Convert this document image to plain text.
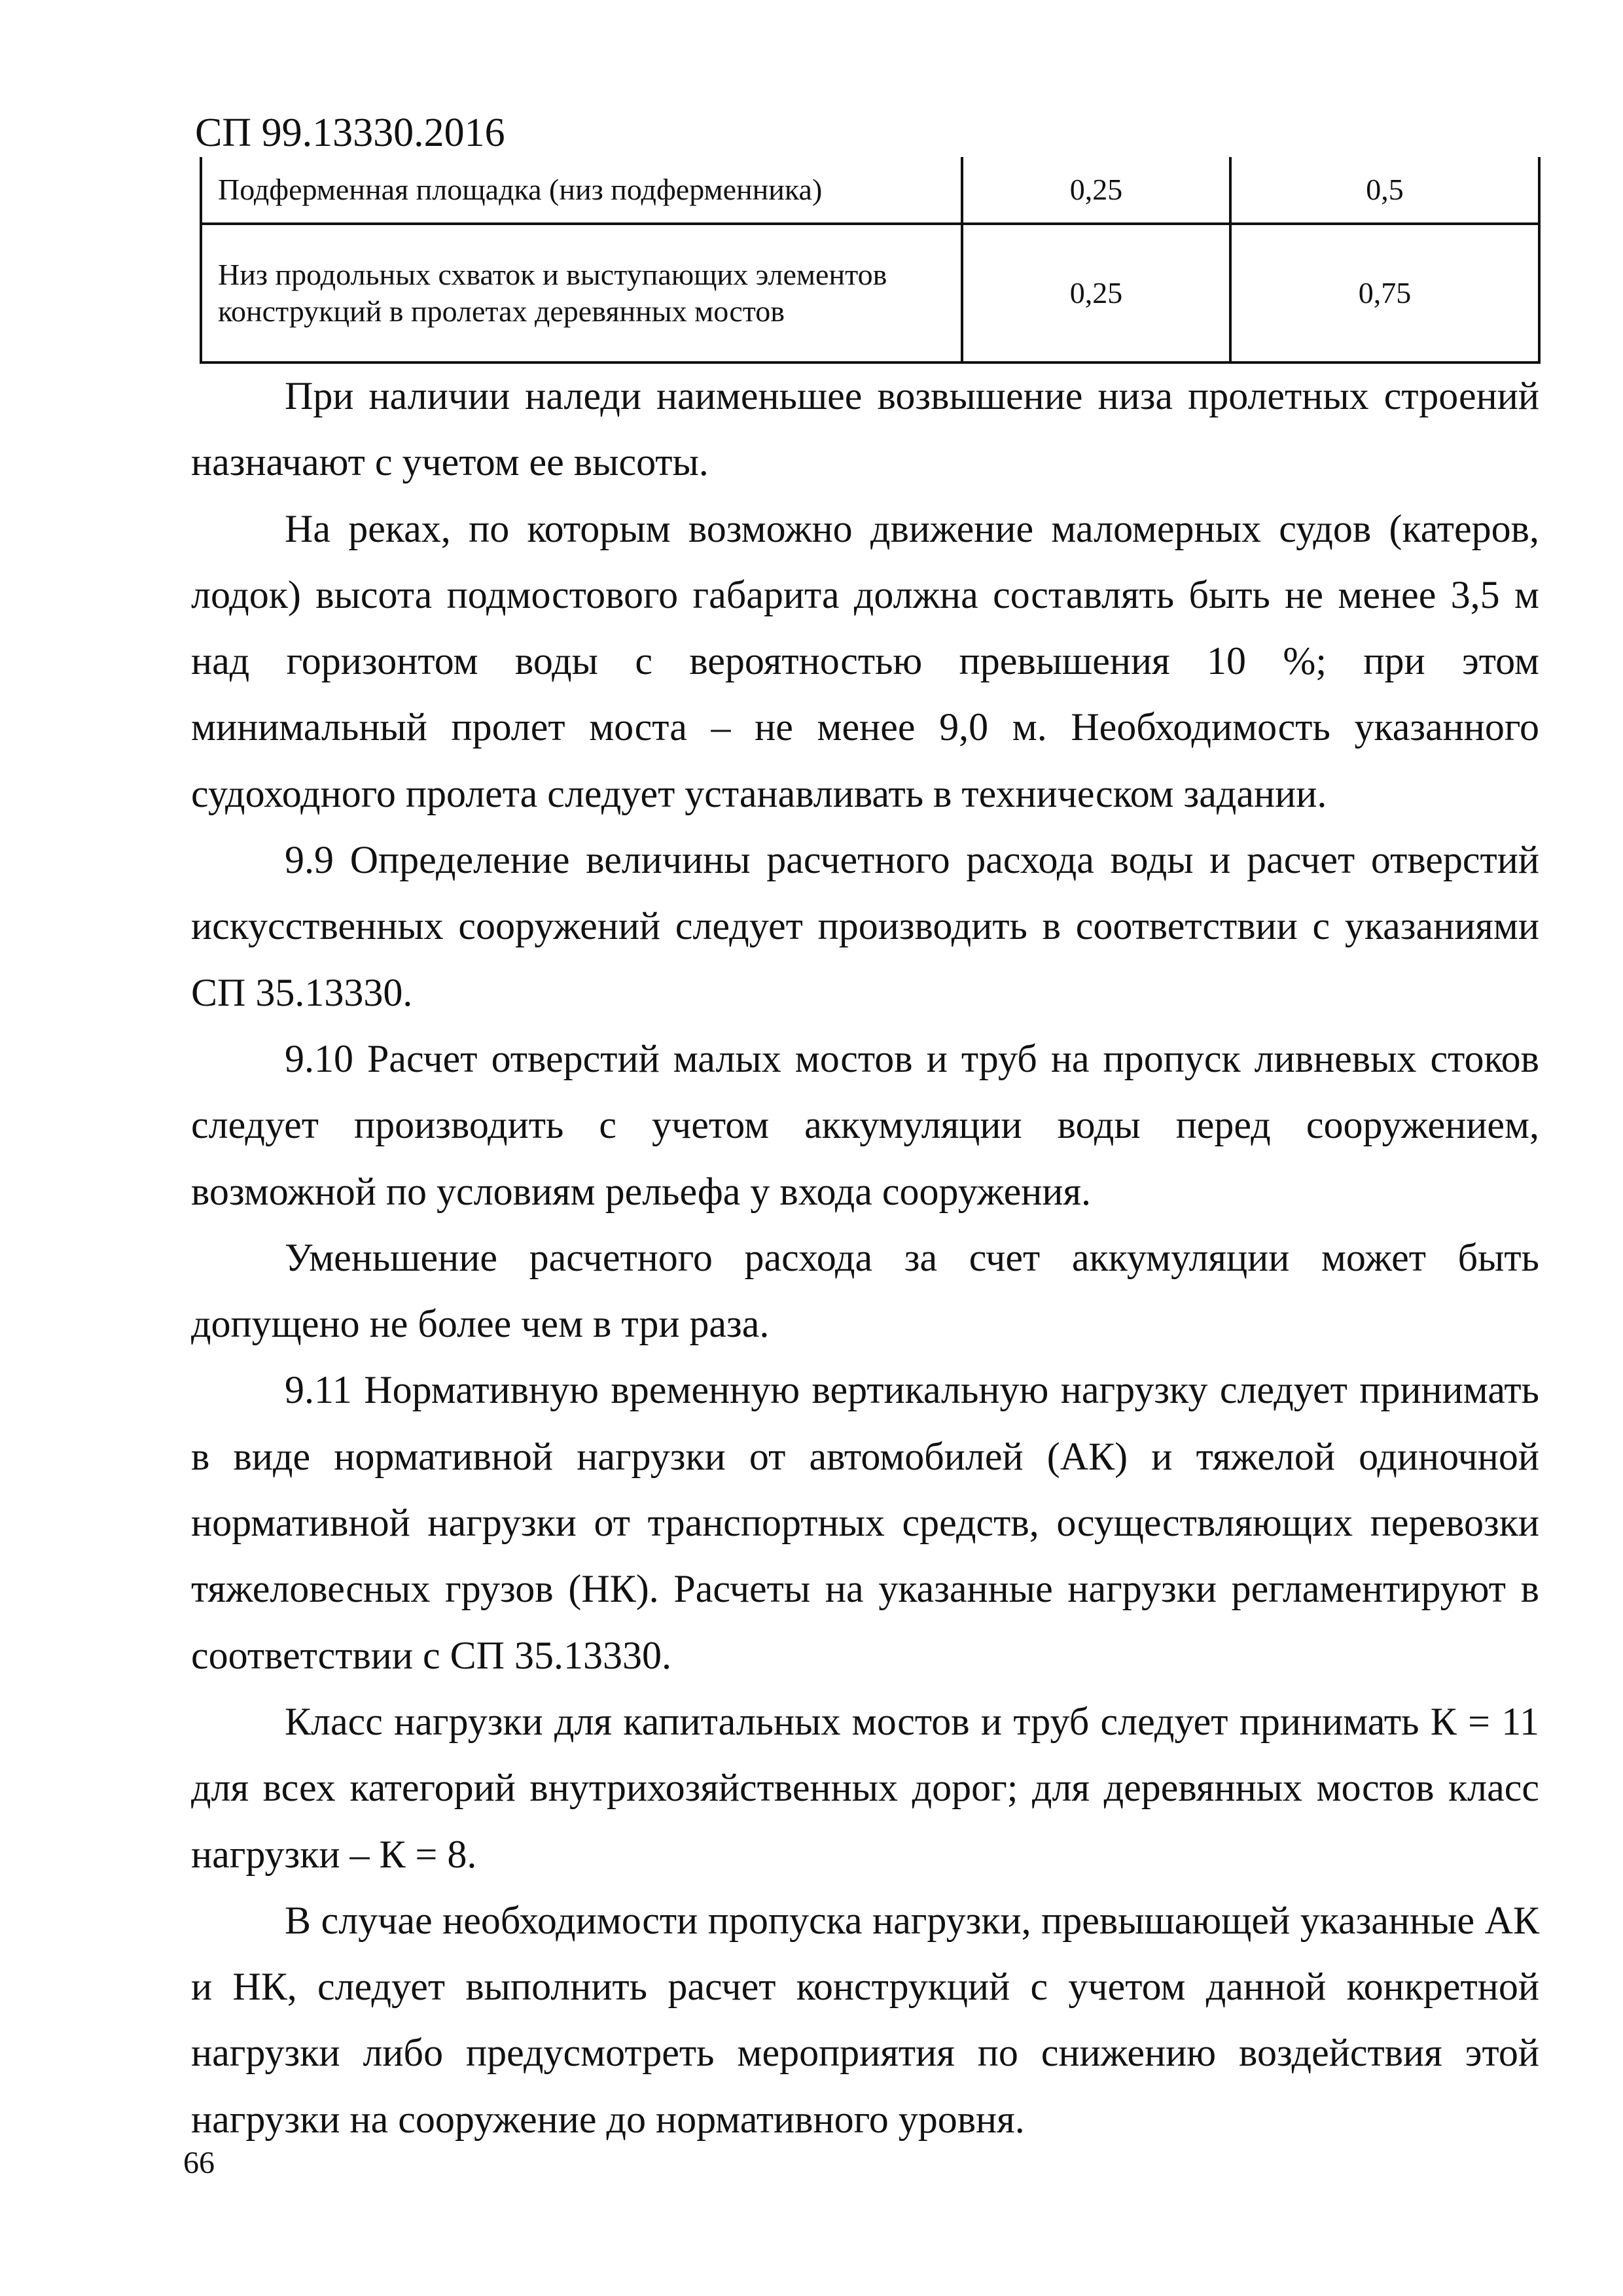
СП 99.13330.2016
Подферменная площадка (низ подферменника)	0,25	0,5
Низ продольных схваток и выступающих элементов конструкций в пролетах деревянных мостов	0,25	0,75

При наличии наледи наименьшее возвышение низа пролетных строений назначают с учетом ее высоты.

На реках, по которым возможно движение маломерных судов (катеров, лодок) высота подмостового габарита должна составлять быть не менее 3,5 м над горизонтом воды с вероятностью превышения 10 %; при этом минимальный пролет моста – не менее 9,0 м. Необходимость указанного судоходного пролета следует устанавливать в техническом задании.

9.9 Определение величины расчетного расхода воды и расчет отверстий искусственных сооружений следует производить в соответствии с указаниями СП 35.13330.

9.10 Расчет отверстий малых мостов и труб на пропуск ливневых стоков следует производить с учетом аккумуляции воды перед сооружением, возможной по условиям рельефа у входа сооружения.

Уменьшение расчетного расхода за счет аккумуляции может быть допущено не более чем в три раза.

9.11 Нормативную временную вертикальную нагрузку следует принимать в виде нормативной нагрузки от автомобилей (АК) и тяжелой одиночной нормативной нагрузки от транспортных средств, осуществляющих перевозки тяжеловесных грузов (НК). Расчеты на указанные нагрузки регламентируют в соответствии с СП 35.13330.

Класс нагрузки для капитальных мостов и труб следует принимать К = 11 для всех категорий внутрихозяйственных дорог; для деревянных мостов класс нагрузки – К = 8.

В случае необходимости пропуска нагрузки, превышающей указанные АК и НК, следует выполнить расчет конструкций с учетом данной конкретной нагрузки либо предусмотреть мероприятия по снижению воздействия этой нагрузки на сооружение до нормативного уровня.

66
